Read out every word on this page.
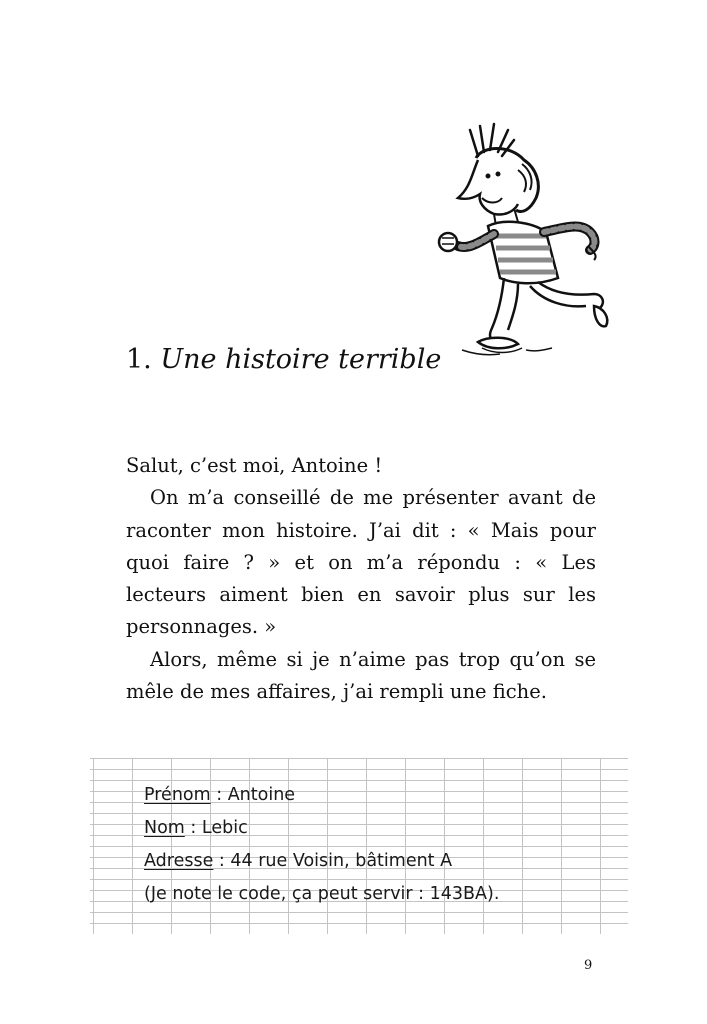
1. Une histoire terrible

Salut, c’est moi, Antoine !

On m’a conseillé de me présenter avant de raconter mon histoire. J’ai dit : « Mais pour quoi faire ? » et on m’a répondu : « Les lecteurs aiment bien en savoir plus sur les personnages. »

Alors, même si je n’aime pas trop qu’on se mêle de mes affaires, j’ai rempli une fiche.

Prénom : Antoine
Nom : Lebic
Adresse : 44 rue Voisin, bâtiment A
(Je note le code, ça peut servir : 143BA).
9
